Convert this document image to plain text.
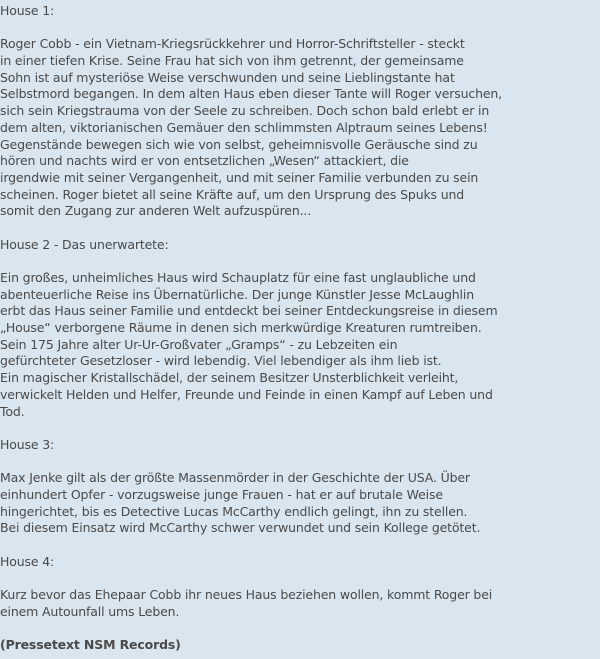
House 1:
Roger Cobb - ein Vietnam-Kriegsrückkehrer und Horror-Schriftsteller - steckt
in einer tiefen Krise. Seine Frau hat sich von ihm getrennt, der gemeinsame
Sohn ist auf mysteriöse Weise verschwunden und seine Lieblingstante hat
Selbstmord begangen. In dem alten Haus eben dieser Tante will Roger versuchen,
sich sein Kriegstrauma von der Seele zu schreiben. Doch schon bald erlebt er in
dem alten, viktorianischen Gemäuer den schlimmsten Alptraum seines Lebens!
Gegenstände bewegen sich wie von selbst, geheimnisvolle Geräusche sind zu
hören und nachts wird er von entsetzlichen „Wesen“ attackiert, die
irgendwie mit seiner Vergangenheit, und mit seiner Familie verbunden zu sein
scheinen. Roger bietet all seine Kräfte auf, um den Ursprung des Spuks und
somit den Zugang zur anderen Welt aufzuspüren...
House 2 - Das unerwartete:
Ein großes, unheimliches Haus wird Schauplatz für eine fast unglaubliche und
abenteuerliche Reise ins Übernatürliche. Der junge Künstler Jesse McLaughlin
erbt das Haus seiner Familie und entdeckt bei seiner Entdeckungsreise in diesem
„House“ verborgene Räume in denen sich merkwürdige Kreaturen rumtreiben.
Sein 175 Jahre alter Ur-Ur-Großvater „Gramps“ - zu Lebzeiten ein
gefürchteter Gesetzloser - wird lebendig. Viel lebendiger als ihm lieb ist.
Ein magischer Kristallschädel, der seinem Besitzer Unsterblichkeit verleiht,
verwickelt Helden und Helfer, Freunde und Feinde in einen Kampf auf Leben und
Tod.
House 3:
Max Jenke gilt als der größte Massenmörder in der Geschichte der USA. Über
einhundert Opfer - vorzugsweise junge Frauen - hat er auf brutale Weise
hingerichtet, bis es Detective Lucas McCarthy endlich gelingt, ihn zu stellen.
Bei diesem Einsatz wird McCarthy schwer verwundet und sein Kollege getötet.
House 4:
Kurz bevor das Ehepaar Cobb ihr neues Haus beziehen wollen, kommt Roger bei
einem Autounfall ums Leben.
(Pressetext NSM Records)
